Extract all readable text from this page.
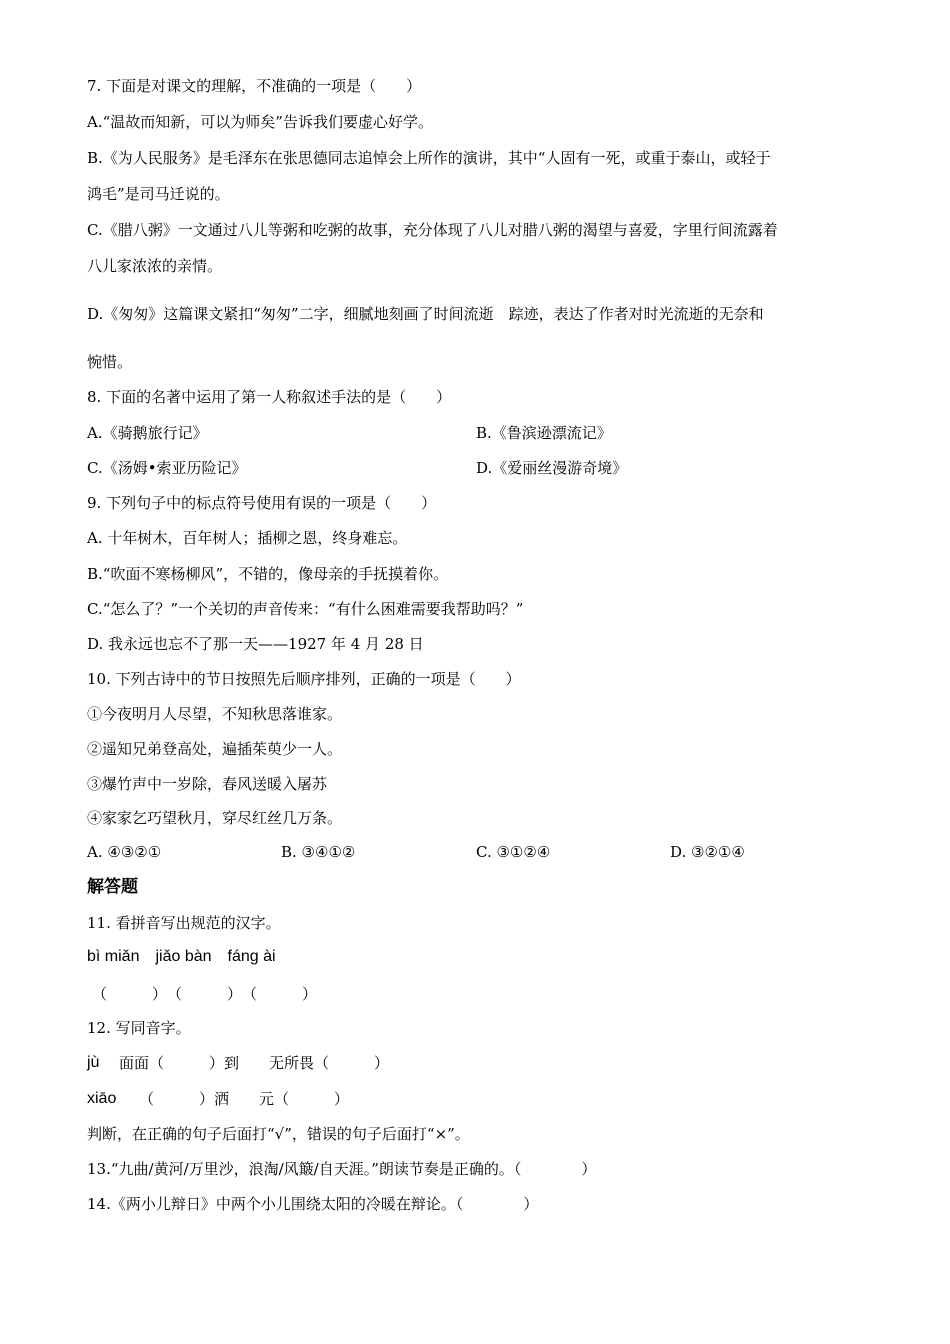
7. 下面是对课文的理解，不准确的一项是（　　）
A.“温故而知新，可以为师矣”告诉我们要虚心好学。
B.《为人民服务》是毛泽东在张思德同志追悼会上所作的演讲，其中“人固有一死，或重于泰山，或轻于
鸿毛”是司马迁说的。
C.《腊八粥》一文通过八儿等粥和吃粥的故事，充分体现了八儿对腊八粥的渴望与喜爱，字里行间流露着
八儿家浓浓的亲情。
D.《匆匆》这篇课文紧扣“匆匆”二字，细腻地刻画了时间流逝　踪迹，表达了作者对时光流逝的无奈和
惋惜。
8. 下面的名著中运用了第一人称叙述手法的是（　　）
A.《骑鹅旅行记》	B.《鲁滨逊漂流记》
C.《汤姆•索亚历险记》	D.《爱丽丝漫游奇境》
9. 下列句子中的标点符号使用有误的一项是（　　）
A. 十年树木，百年树人；插柳之恩，终身难忘。
B.“吹面不寒杨柳风”，不错的，像母亲的手抚摸着你。
C.“怎么了？”一个关切的声音传来：“有什么困难需要我帮助吗？”
D. 我永远也忘不了那一天——1927 年 4 月 28 日
10. 下列古诗中的节日按照先后顺序排列，正确的一项是（　　）
①今夜明月人尽望，不知秋思落谁家。
②遥知兄弟登高处，遍插茱萸少一人。
③爆竹声中一岁除，春风送暖入屠苏
④家家乞巧望秋月，穿尽红丝几万条。
A. ④③②①	B. ③④①②	C. ③①②④	D. ③②①④
解答题
11. 看拼音写出规范的汉字。
bì miǎn　jiǎo bàn　fáng ài
（　　　）　（　　　）　（　　　）
12. 写同音字。
jù 面面（　　　）到　　无所畏（　　　）
xiāo （　　　）洒　　元（　　　）
判断，在正确的句子后面打“√”，错误的句子后面打“×”。
13.“九曲/黄河/万里沙，浪淘/风簸/自天涯。”朗读节奏是正确的。（　　　　）
14.《两小儿辩日》中两个小儿围绕太阳的冷暖在辩论。（　　　　）
